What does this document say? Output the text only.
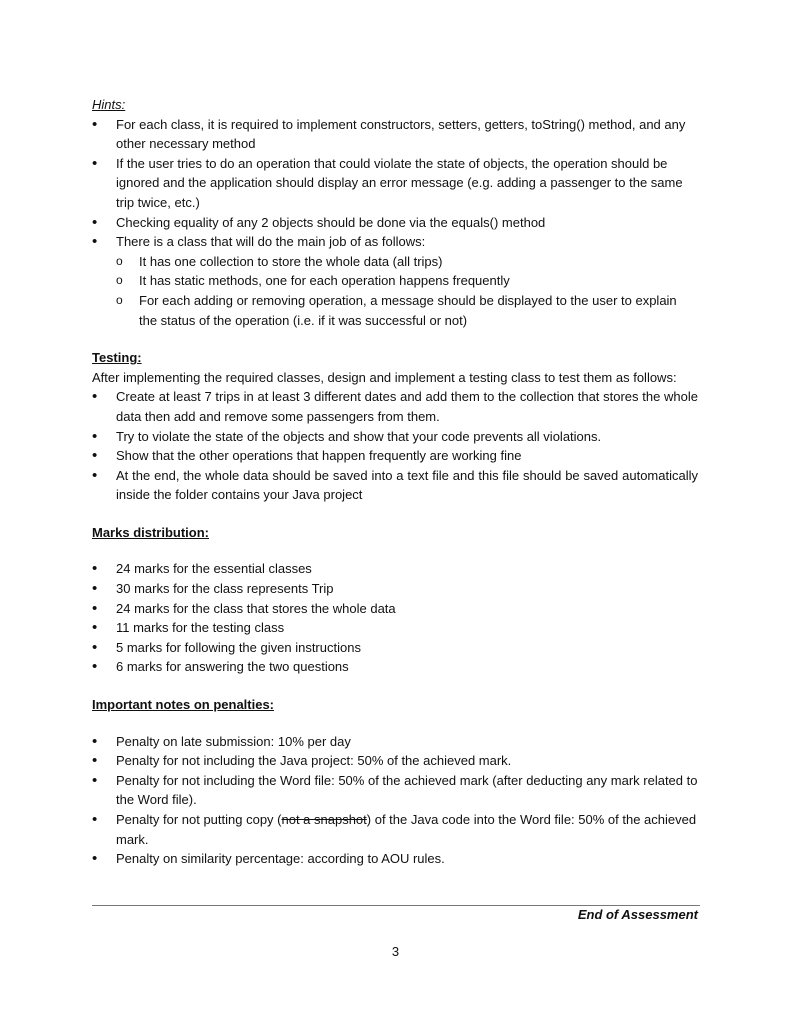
Hints:
• For each class, it is required to implement constructors, setters, getters, toString() method, and any other necessary method
• If the user tries to do an operation that could violate the state of objects, the operation should be ignored and the application should display an error message (e.g. adding a passenger to the same trip twice, etc.)
• Checking equality of any 2 objects should be done via the equals() method
• There is a class that will do the main job of as follows:
o It has one collection to store the whole data (all trips)
o It has static methods, one for each operation happens frequently
o For each adding or removing operation, a message should be displayed to the user to explain the status of the operation (i.e. if it was successful or not)
Testing:
After implementing the required classes, design and implement a testing class to test them as follows:
• Create at least 7 trips in at least 3 different dates and add them to the collection that stores the whole data then add and remove some passengers from them.
• Try to violate the state of the objects and show that your code prevents all violations.
• Show that the other operations that happen frequently are working fine
• At the end, the whole data should be saved into a text file and this file should be saved automatically inside the folder contains your Java project
Marks distribution:
• 24 marks for the essential classes
• 30 marks for the class represents Trip
• 24 marks for the class that stores the whole data
• 11 marks for the testing class
• 5 marks for following the given instructions
• 6 marks for answering the two questions
Important notes on penalties:
• Penalty on late submission: 10% per day
• Penalty for not including the Java project: 50% of the achieved mark.
• Penalty for not including the Word file: 50% of the achieved mark (after deducting any mark related to the Word file).
• Penalty for not putting copy (not a snapshot) of the Java code into the Word file: 50% of the achieved mark.
• Penalty on similarity percentage: according to AOU rules.
End of Assessment
3
